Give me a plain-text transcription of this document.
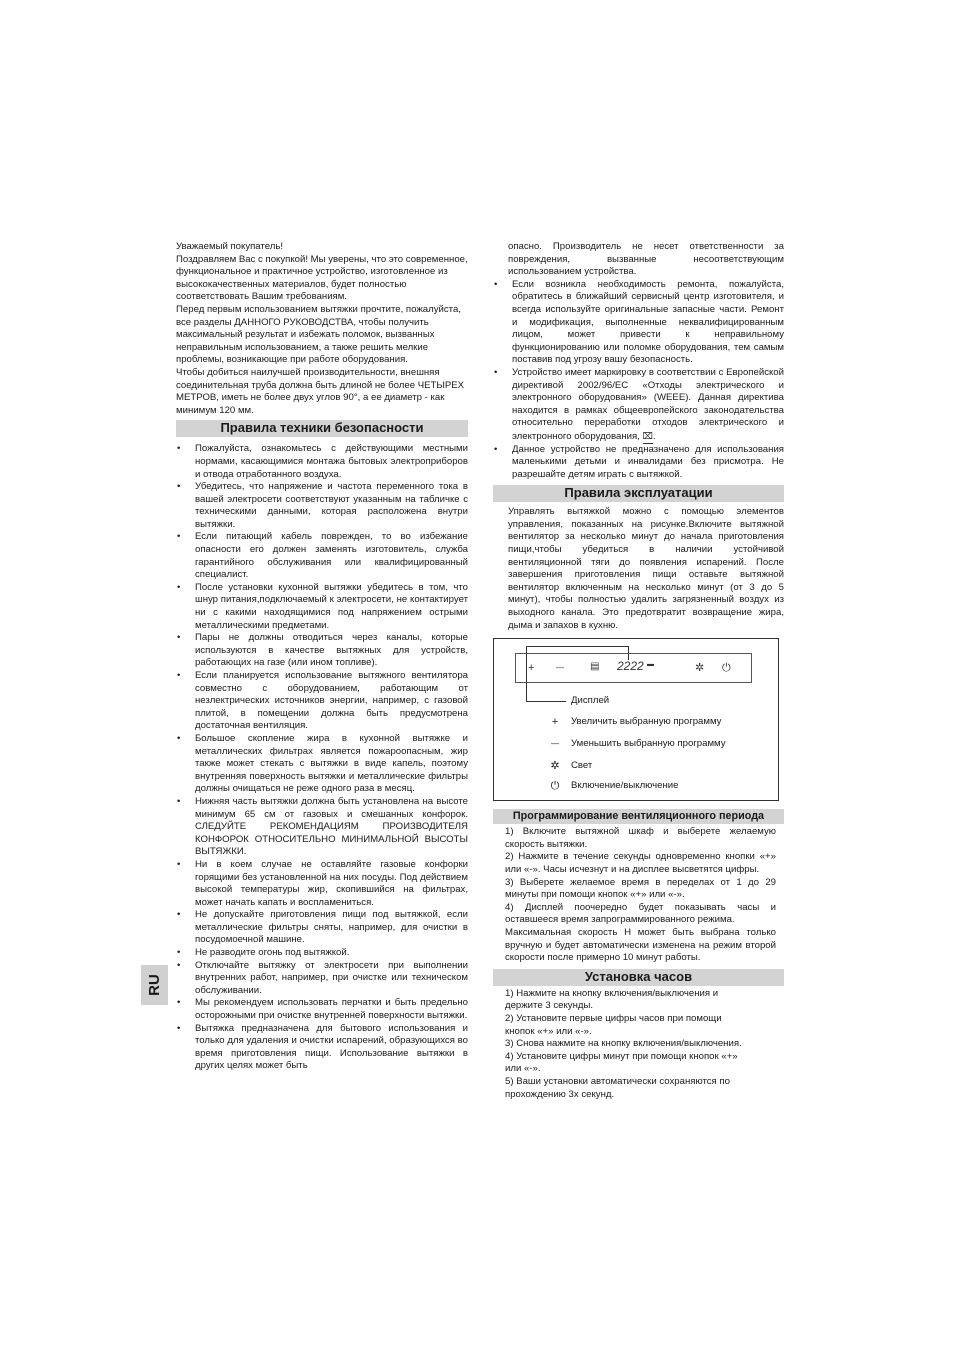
Уважаемый покупатель!

Поздравляем Вас с покупкой! Мы уверены, что это современное, функциональное и практичное устройство, изготовленное из высококачественных материалов, будет полностью соответствовать Вашим требованиям.

Перед первым использованием вытяжки прочтите, пожалуйста, все разделы ДАННОГО РУКОВОДСТВА, чтобы получить максимальный результат и избежать поломок, вызванных неправильным использованием, а также решить мелкие проблемы, возникающие при работе оборудования.

Чтобы добиться наилучшей производительности, внешняя соединительная труба должна быть длиной не более ЧЕТЫРЕХ МЕТРОВ, иметь не более двух углов 90°, а ее диаметр - как минимум 120 мм.

Правила техники безопасности
• Пожалуйста, ознакомьтесь с действующими местными нормами, касающимися монтажа бытовых электроприборов и отвода отработанного воздуха.
• Убедитесь, что напряжение и частота переменного тока в вашей электросети соответствуют указанным на табличке с техническими данными, которая расположена внутри вытяжки.
• Если питающий кабель поврежден, то во избежание опасности его должен заменять изготовитель, служба гарантийного обслуживания или квалифицированный специалист.
• После установки кухонной вытяжки убедитесь в том, что шнур питания,подключаемый к электросети, не контактирует ни с какими находящимися под напряжением острыми металлическими предметами.
• Пары не должны отводиться через каналы, которые используются в качестве вытяжных для устройств, работающих на газе (или ином топливе).
• Если планируется использование вытяжного вентилятора совместно с оборудованием, работающим от незлектрических источников энергии, например, с газовой плитой, в помещении должна быть предусмотрена достаточная вентиляция.
• Большое скопление жира в кухонной вытяжке и металлических фильтрах является пожароопасным, жир также может стекать с вытяжки в виде капель, поэтому внутренняя поверхность вытяжки и металлические фильтры должны очищаться не реже одного раза в месяц.
• Нижняя часть вытяжки должна быть установлена на высоте минимум 65 см от газовых и смешанных конфорок. СЛЕДУЙТЕ РЕКОМЕНДАЦИЯМ ПРОИЗВОДИТЕЛЯ КОНФОРОК ОТНОСИТЕЛЬНО МИНИМАЛЬНОЙ ВЫСОТЫ ВЫТЯЖКИ.
• Ни в коем случае не оставляйте газовые конфорки горящими без установленной на них посуды. Под действием высокой температуры жир, скопившийся на фильтрах, может начать капать и воспламениться.
• Не допускайте приготовления пищи под вытяжкой, если металлические фильтры сняты, например, для очистки в посудомоечной машине.
• Не разводите огонь под вытяжкой.
• Отключайте вытяжку от электросети при выполнении внутренних работ, например, при очистке или техническом обслуживании.
• Мы рекомендуем использовать перчатки и быть предельно осторожными при очистке внутренней поверхности вытяжки.
• Вытяжка предназначена для бытового использования и только для удаления и очистки испарений, образующихся во время приготовления пищи. Использование вытяжки в других целях может быть
RU

опасно. Производитель не несет ответственности за повреждения, вызванные несоответствующим использованием устройства.

• Если возникла необходимость ремонта, пожалуйста, обратитесь в ближайший сервисный центр изготовителя, и всегда используйте оригинальные запасные части. Ремонт и модификация, выполненные неквалифицированным лицом, может привести к неправильному функционированию или поломке оборудования, тем самым поставив под угрозу вашу безопасность.
• Устройство имеет маркировку в соответствии с Европейской директивой 2002/96/ЕС «Отходы электрического и электронного оборудования» (WEEE). Данная директива находится в рамках общеевропейского законодательства относительно переработки отходов электрического и электронного оборудования, ⌧.
• Данное устройство не предназначено для использования маленькими детьми и инвалидами без присмотра. Не разрешайте детям играть с вытяжкой.
Правила эксплуатации

Управлять вытяжкой можно с помощью элементов управления, показанных на рисунке.Включите вытяжной вентилятор за несколько минут до начала приготовления пищи,чтобы убедиться в наличии устойчивой вентиляционной тяги до появления испарений. После завершения приготовления пищи оставьте вытяжной вентилятор включенным на несколько минут (от 3 до 5 минут), чтобы полностью удалить загрязненный воздух из выходного канала. Это предотвратит возвращение жира, дыма и запахов в кухню.

+	—	▤ 2222 ▬	✲ ⏻
Дисплей
+	Увеличить выбранную программу
—	Уменьшить выбранную программу
✲	Свет
⏻	Включение/выключение
Программирование вентиляционного периода

1) Включите вытяжной шкаф и выберете желаемую скорость вытяжки.

2) Нажмите в течение секунды одновременно кнопки «+» или «-». Часы исчезнут и на дисплее высветятся цифры.

3) Выберете желаемое время в переделах от 1 до 29 минуты при помощи кнопок «+» или «-».

4) Дисплей поочередно будет показывать часы и оставшееся время запрограммированного режима.

Максимальная скорость H может быть выбрана только вручную и будет автоматически изменена на режим второй скорости после примерно 10 минут работы.

Установка часов

1) Нажмите на кнопку включения/выключения и держите 3 секунды.

2) Установите первые цифры часов при помощи кнопок «+» или «-».

3) Снова нажмите на кнопку включения/выключения.

4) Установите цифры минут при помощи кнопок «+» или «-».

5) Ваши установки автоматически сохраняются по прохождению 3х секунд.
